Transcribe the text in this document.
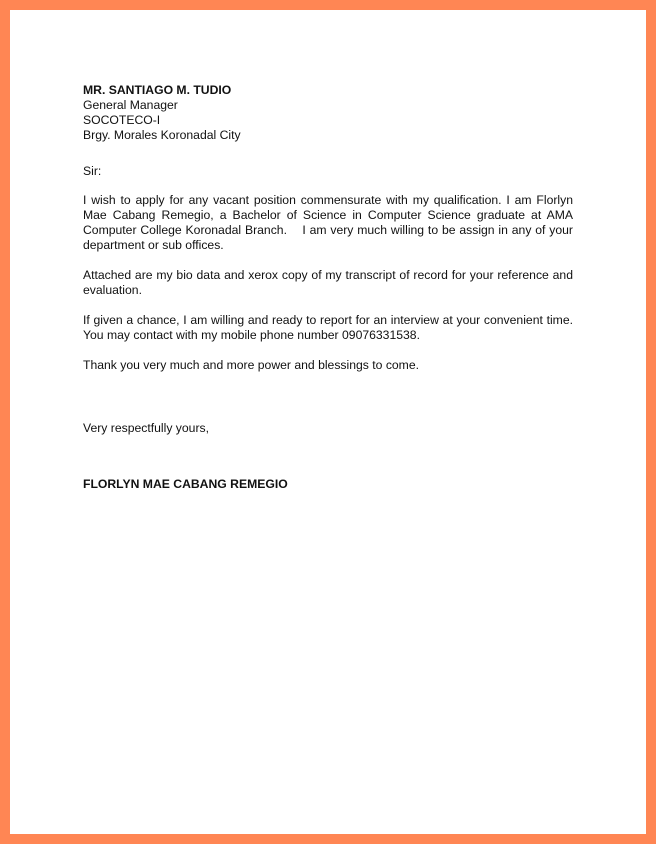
MR. SANTIAGO M. TUDIO
General Manager
SOCOTECO-I
Brgy. Morales Koronadal City
Sir:

I wish to apply for any vacant position commensurate with my qualification. I am Florlyn Mae Cabang Remegio, a Bachelor of Science in Computer Science graduate at AMA Computer College Koronadal Branch.    I am very much willing to be assign in any of your department or sub offices.

Attached are my bio data and xerox copy of my transcript of record for your reference and evaluation.

If given a chance, I am willing and ready to report for an interview at your convenient time. You may contact with my mobile phone number 09076331538.

Thank you very much and more power and blessings to come.

Very respectfully yours,
FLORLYN MAE CABANG REMEGIO
